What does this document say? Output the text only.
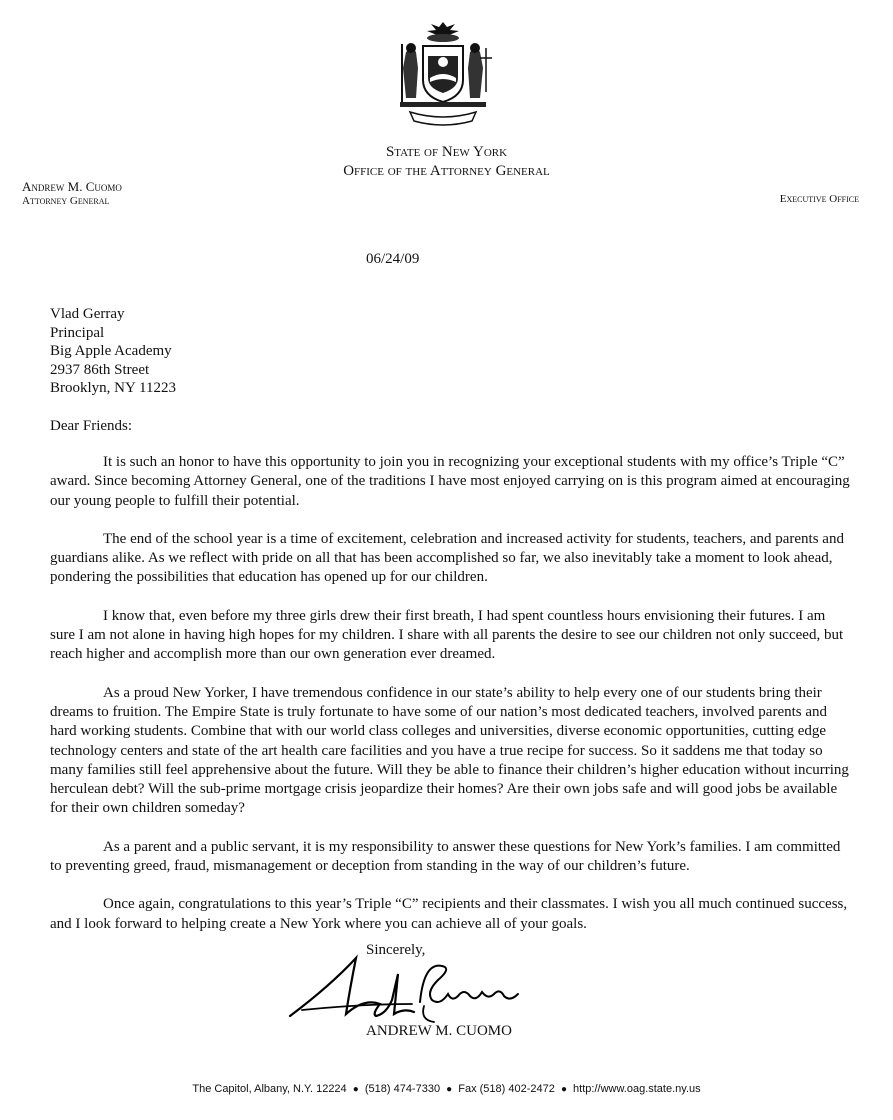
State of New York
Office of the Attorney General
Andrew M. Cuomo
Attorney General	Executive Office
06/24/09
Vlad Gerray
Principal
Big Apple Academy
2937 86th Street
Brooklyn, NY 11223
Dear Friends:

It is such an honor to have this opportunity to join you in recognizing your exceptional students with my office’s Triple “C” award. Since becoming Attorney General, one of the traditions I have most enjoyed carrying on is this program aimed at encouraging our young people to fulfill their potential.

The end of the school year is a time of excitement, celebration and increased activity for students, teachers, and parents and guardians alike. As we reflect with pride on all that has been accomplished so far, we also inevitably take a moment to look ahead, pondering the possibilities that education has opened up for our children.

I know that, even before my three girls drew their first breath, I had spent countless hours envisioning their futures. I am sure I am not alone in having high hopes for my children. I share with all parents the desire to see our children not only succeed, but reach higher and accomplish more than our own generation ever dreamed.

As a proud New Yorker, I have tremendous confidence in our state’s ability to help every one of our students bring their dreams to fruition. The Empire State is truly fortunate to have some of our nation’s most dedicated teachers, involved parents and hard working students. Combine that with our world class colleges and universities, diverse economic opportunities, cutting edge technology centers and state of the art health care facilities and you have a true recipe for success. So it saddens me that today so many families still feel apprehensive about the future. Will they be able to finance their children’s higher education without incurring herculean debt? Will the sub-prime mortgage crisis jeopardize their homes? Are their own jobs safe and will good jobs be available for their own children someday?

As a parent and a public servant, it is my responsibility to answer these questions for New York’s families. I am committed to preventing greed, fraud, mismanagement or deception from standing in the way of our children’s future.

Once again, congratulations to this year’s Triple “C” recipients and their classmates. I wish you all much continued success, and I look forward to helping create a New York where you can achieve all of your goals.

Sincerely,
ANDREW M. CUOMO
The Capitol, Albany, N.Y. 12224 ● (518) 474-7330 ● Fax (518) 402-2472 ● http://www.oag.state.ny.us
